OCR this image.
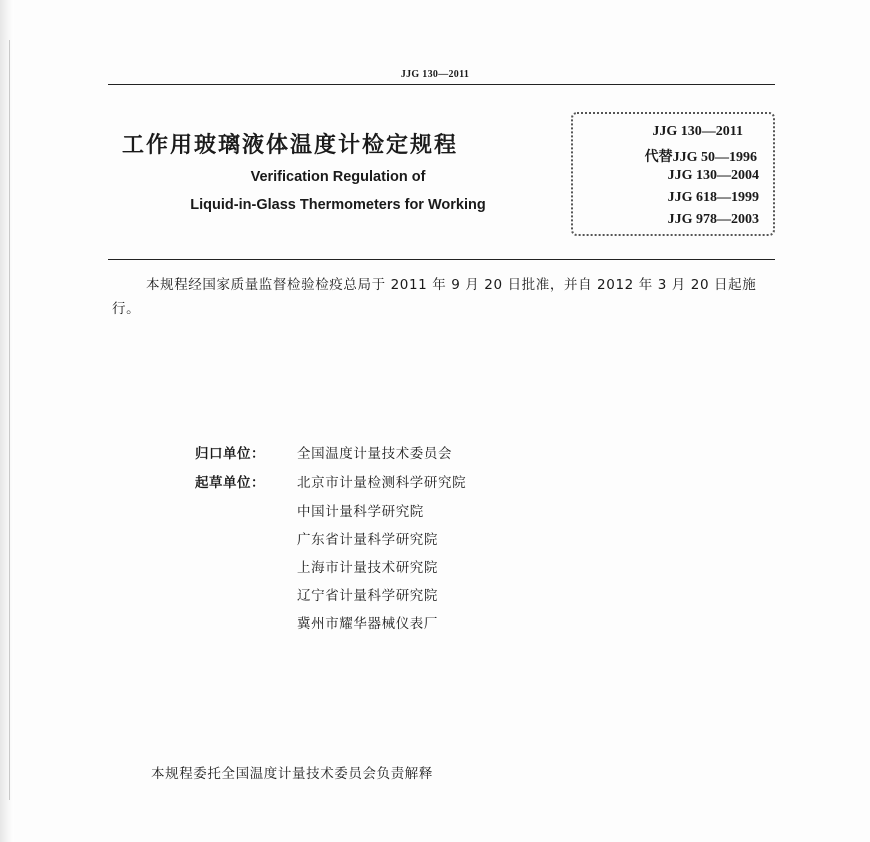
JJG 130—2011
工作用玻璃液体温度计检定规程
Verification Regulation of
Liquid-in-Glass Thermometers for Working
JJG 130—2011
代替JJG 50—1996
JJG 130—2004
JJG 618—1999
JJG 978—2003
本规程经国家质量监督检验检疫总局于 2011 年 9 月 20 日批准，并自 2012 年 3 月 20 日起施行。
归口单位： 全国温度计量技术委员会
起草单位： 北京市计量检测科学研究院
中国计量科学研究院
广东省计量科学研究院
上海市计量技术研究院
辽宁省计量科学研究院
冀州市耀华器械仪表厂
本规程委托全国温度计量技术委员会负责解释
